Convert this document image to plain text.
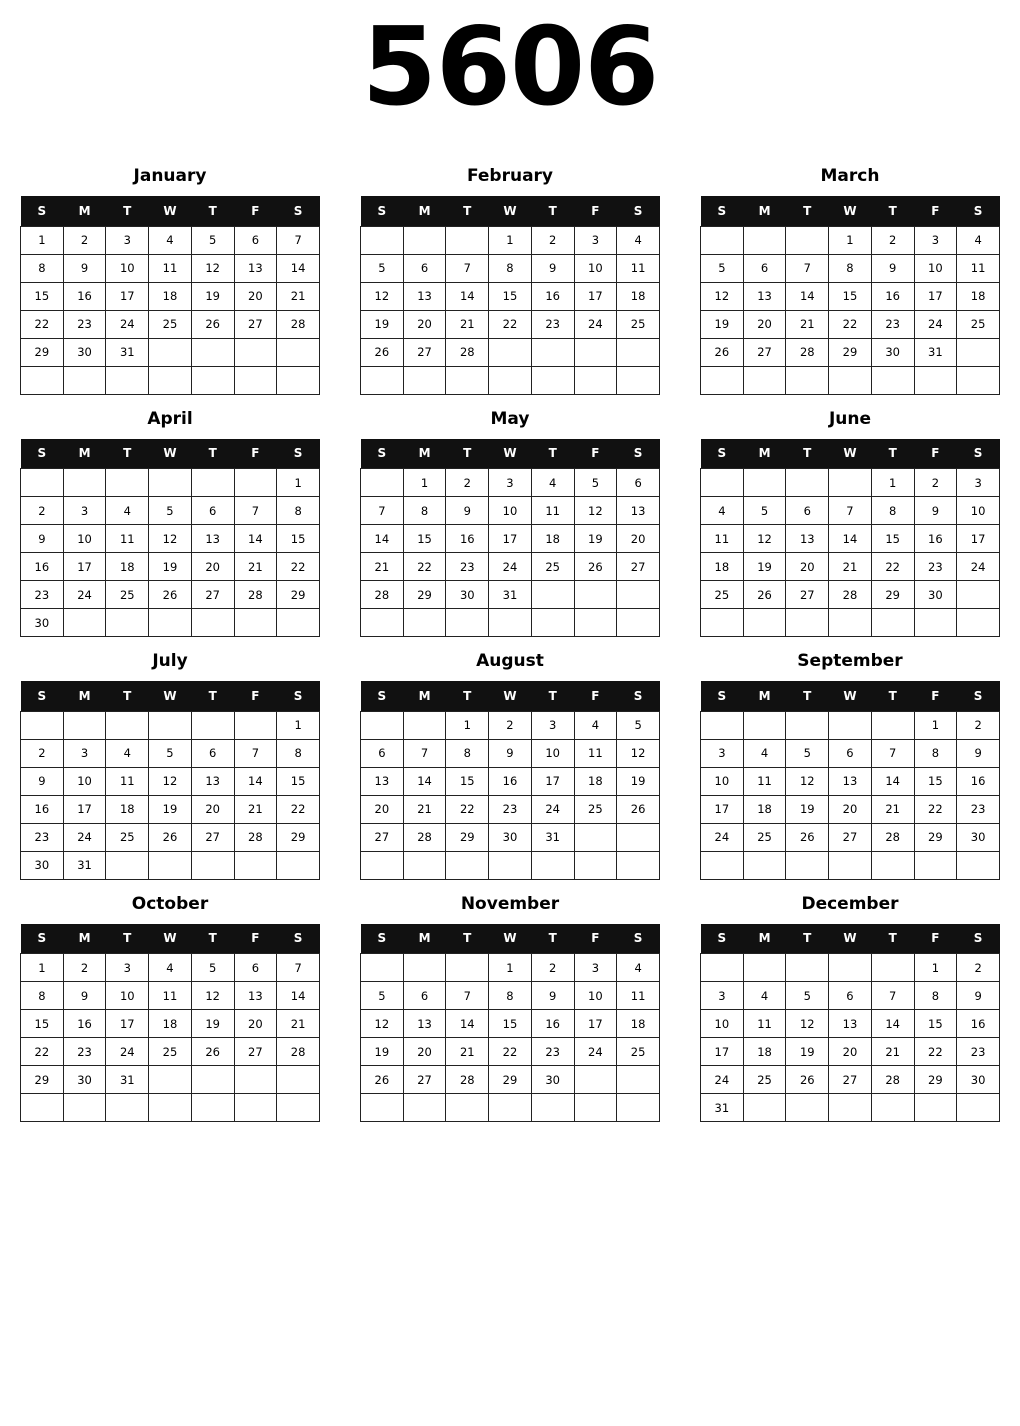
5606
January
S	M	T	W	T	F	S
1	2	3	4	5	6	7
8	9	10	11	12	13	14
15	16	17	18	19	20	21
22	23	24	25	26	27	28
29	30	31				

February
S	M	T	W	T	F	S
			1	2	3	4
5	6	7	8	9	10	11
12	13	14	15	16	17	18
19	20	21	22	23	24	25
26	27	28				

March
S	M	T	W	T	F	S
			1	2	3	4
5	6	7	8	9	10	11
12	13	14	15	16	17	18
19	20	21	22	23	24	25
26	27	28	29	30	31	

April
S	M	T	W	T	F	S
						1
2	3	4	5	6	7	8
9	10	11	12	13	14	15
16	17	18	19	20	21	22
23	24	25	26	27	28	29
30						
May
S	M	T	W	T	F	S
	1	2	3	4	5	6
7	8	9	10	11	12	13
14	15	16	17	18	19	20
21	22	23	24	25	26	27
28	29	30	31			

June
S	M	T	W	T	F	S
				1	2	3
4	5	6	7	8	9	10
11	12	13	14	15	16	17
18	19	20	21	22	23	24
25	26	27	28	29	30	

July
S	M	T	W	T	F	S
						1
2	3	4	5	6	7	8
9	10	11	12	13	14	15
16	17	18	19	20	21	22
23	24	25	26	27	28	29
30	31					
August
S	M	T	W	T	F	S
		1	2	3	4	5
6	7	8	9	10	11	12
13	14	15	16	17	18	19
20	21	22	23	24	25	26
27	28	29	30	31		

September
S	M	T	W	T	F	S
					1	2
3	4	5	6	7	8	9
10	11	12	13	14	15	16
17	18	19	20	21	22	23
24	25	26	27	28	29	30

October
S	M	T	W	T	F	S
1	2	3	4	5	6	7
8	9	10	11	12	13	14
15	16	17	18	19	20	21
22	23	24	25	26	27	28
29	30	31				

November
S	M	T	W	T	F	S
			1	2	3	4
5	6	7	8	9	10	11
12	13	14	15	16	17	18
19	20	21	22	23	24	25
26	27	28	29	30		

December
S	M	T	W	T	F	S
					1	2
3	4	5	6	7	8	9
10	11	12	13	14	15	16
17	18	19	20	21	22	23
24	25	26	27	28	29	30
31						
